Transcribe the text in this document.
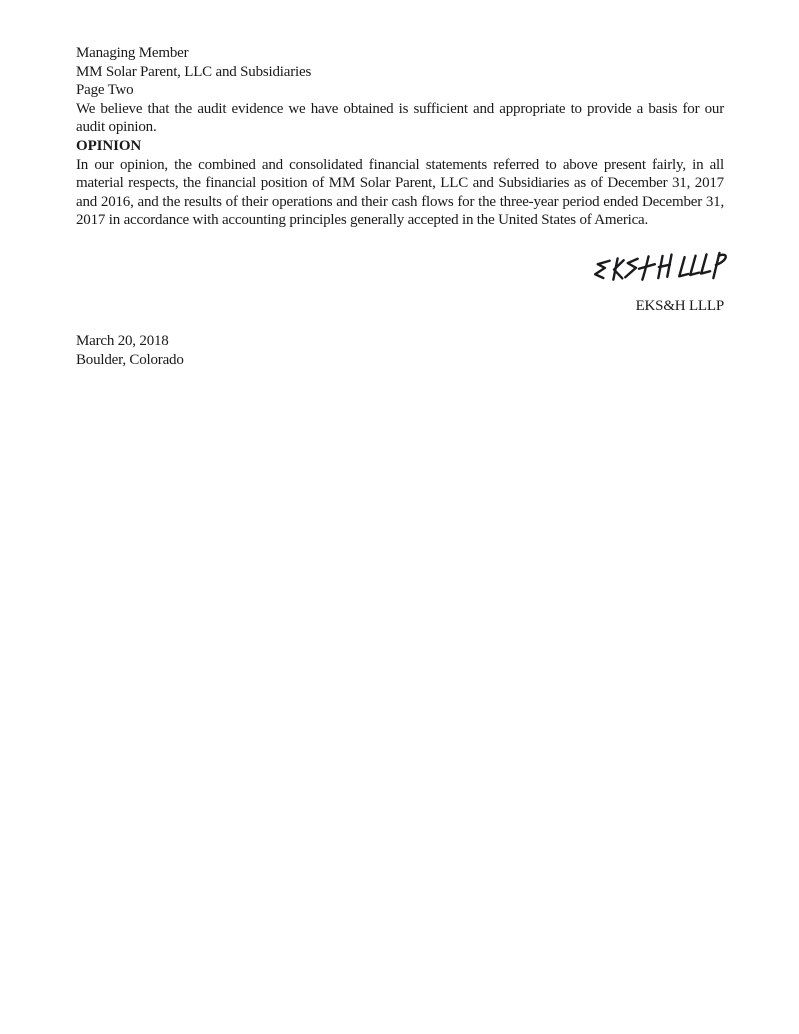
Managing Member
MM Solar Parent, LLC and Subsidiaries
Page Two

We believe that the audit evidence we have obtained is sufficient and appropriate to provide a basis for our audit opinion.

OPINION

In our opinion, the combined and consolidated financial statements referred to above present fairly, in all material respects, the financial position of MM Solar Parent, LLC and Subsidiaries as of December 31, 2017 and 2016, and the results of their operations and their cash flows for the three-year period ended December 31, 2017 in accordance with accounting principles generally accepted in the United States of America.

EKS&H LLLP
March 20, 2018
Boulder, Colorado
